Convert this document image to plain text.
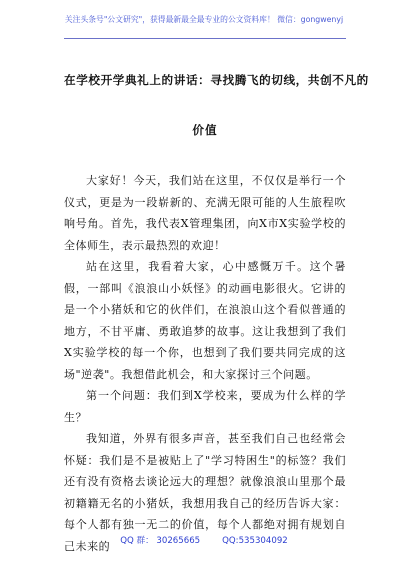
关注头条号"公文研究"，获得最新最全最专业的公文资料库！ 微信：gongwenyj
在学校开学典礼上的讲话：寻找腾飞的切线，共创不凡的
价值

大家好！今天，我们站在这里，不仅仅是举行一个仪式，更是为一段崭新的、充满无限可能的人生旅程吹响号角。首先，我代表X管理集团，向X市X实验学校的全体师生，表示最热烈的欢迎！

站在这里，我看着大家，心中感慨万千。这个暑假，一部叫《浪浪山小妖怪》的动画电影很火。它讲的是一个小猪妖和它的伙伴们，在浪浪山这个看似普通的地方，不甘平庸、勇敢追梦的故事。这让我想到了我们X实验学校的每一个你，也想到了我们要共同完成的这场"逆袭"。我想借此机会，和大家探讨三个问题。

第一个问题：我们到X学校来，要成为什么样的学生？

我知道，外界有很多声音，甚至我们自己也经常会怀疑：我们是不是被贴上了"学习特困生"的标签？我们还有没有资格去谈论远大的理想？就像浪浪山里那个最初籍籍无名的小猪妖，我想用我自己的经历告诉大家：每个人都有独一无二的价值，每个人都绝对拥有规划自己未来的	QQ 群： 30265665	QQ:535304092
